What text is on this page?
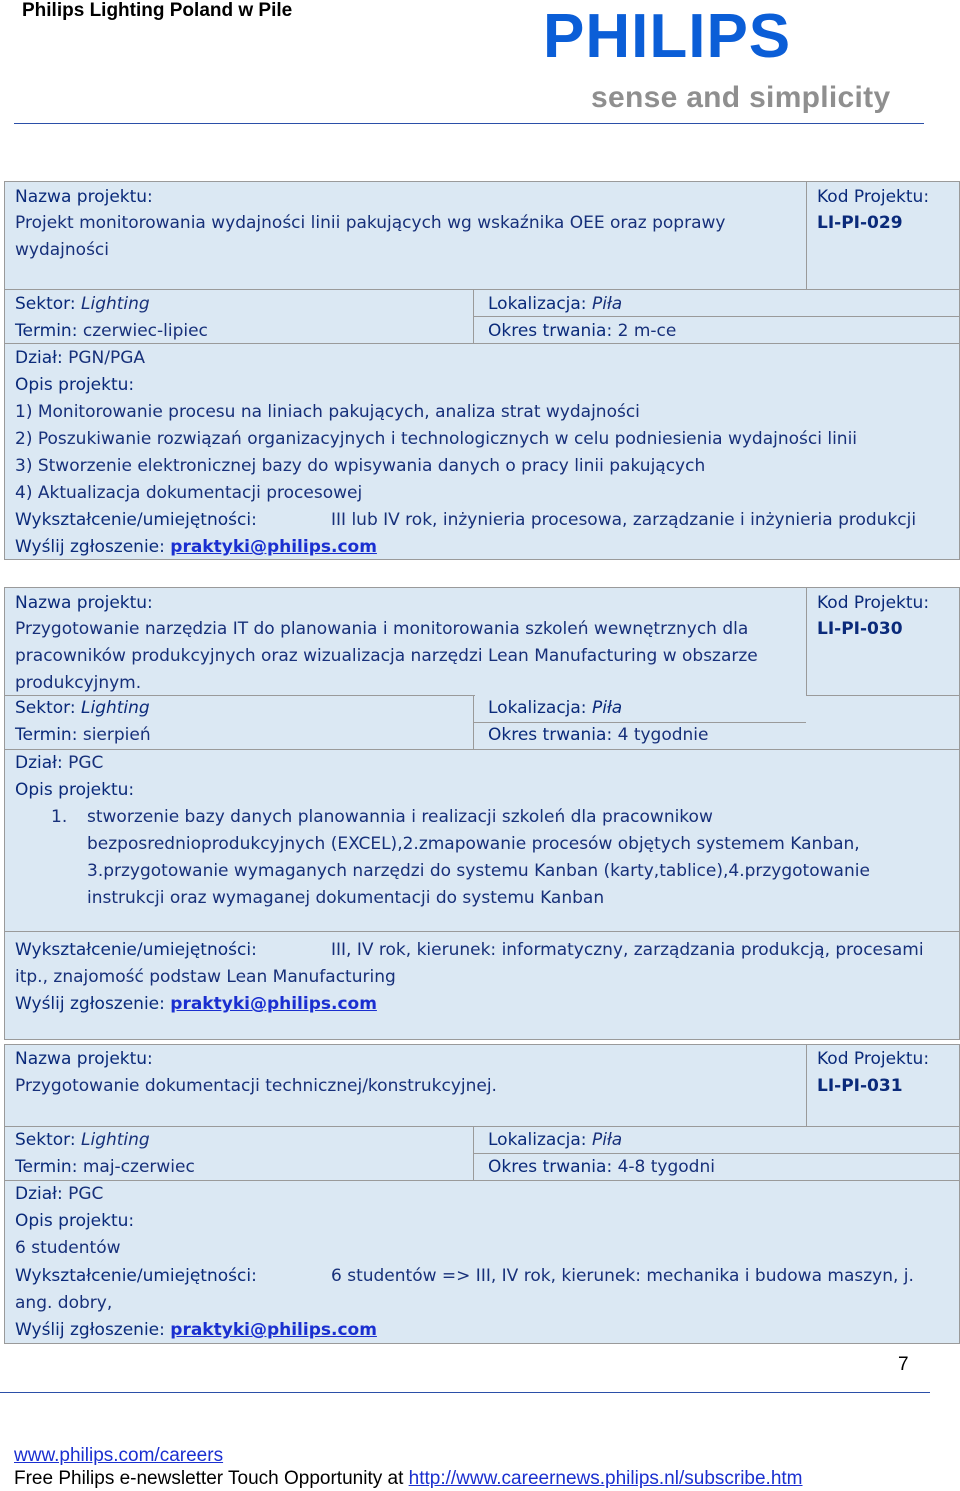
Philips Lighting Poland w Pile	PHILIPS
sense and simplicity
Nazwa projektu:
Projekt monitorowania wydajności linii pakujących wg wskaźnika OEE oraz poprawy
wydajności
Kod Projektu:
LI-PI-029
Sektor: Lighting	Lokalizacja: Piła
Termin: czerwiec-lipiec	Okres trwania: 2 m-ce
Dział: PGN/PGA
Opis projektu:
1) Monitorowanie procesu na liniach pakujących, analiza strat wydajności
2) Poszukiwanie rozwiązań organizacyjnych i technologicznych w celu podniesienia wydajności linii
3) Stworzenie elektronicznej bazy do wpisywania danych o pracy linii pakujących
4) Aktualizacja dokumentacji procesowej
Wykształcenie/umiejętności:	III lub IV rok, inżynieria procesowa, zarządzanie i inżynieria produkcji
Wyślij zgłoszenie: praktyki@philips.com
Nazwa projektu:
Przygotowanie narzędzia IT do planowania i monitorowania szkoleń wewnętrznych dla
pracowników produkcyjnych oraz wizualizacja narzędzi Lean Manufacturing w obszarze
produkcyjnym.
Kod Projektu:
LI-PI-030
Sektor: Lighting	Lokalizacja: Piła
Termin: sierpień	Okres trwania: 4 tygodnie
Dział: PGC
Opis projektu:
1. stworzenie bazy danych planowannia i realizacji szkoleń dla pracownikow
bezposrednioprodukcyjnych (EXCEL),2.zmapowanie procesów objętych systemem Kanban,
3.przygotowanie wymaganych narzędzi do systemu Kanban (karty,tablice),4.przygotowanie
instrukcji oraz wymaganej dokumentacji do systemu Kanban
Wykształcenie/umiejętności:	III, IV rok, kierunek: informatyczny, zarządzania produkcją, procesami
itp., znajomość podstaw Lean Manufacturing
Wyślij zgłoszenie: praktyki@philips.com
Nazwa projektu:
Przygotowanie dokumentacji technicznej/konstrukcyjnej.
Kod Projektu:
LI-PI-031
Sektor: Lighting	Lokalizacja: Piła
Termin: maj-czerwiec	Okres trwania: 4-8 tygodni
Dział: PGC
Opis projektu:
6 studentów
Wykształcenie/umiejętności:	6 studentów => III, IV rok, kierunek: mechanika i budowa maszyn, j.
ang. dobry,
Wyślij zgłoszenie: praktyki@philips.com
7
www.philips.com/careers
Free Philips e-newsletter Touch Opportunity at http://www.careernews.philips.nl/subscribe.htm
